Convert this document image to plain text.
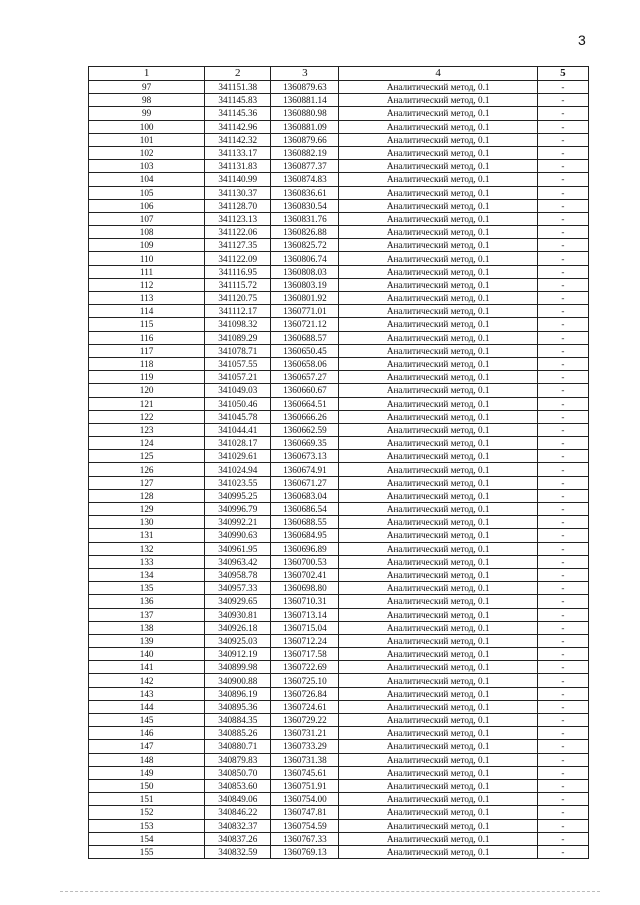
3
1	2	3	4	5
97	341151.38	1360879.63	Аналитический метод, 0.1	-
98	341145.83	1360881.14	Аналитический метод, 0.1	-
99	341145.36	1360880.98	Аналитический метод, 0.1	-
100	341142.96	1360881.09	Аналитический метод, 0.1	-
101	341142.32	1360879.66	Аналитический метод, 0.1	-
102	341133.17	1360882.19	Аналитический метод, 0.1	-
103	341131.83	1360877.37	Аналитический метод, 0.1	-
104	341140.99	1360874.83	Аналитический метод, 0.1	-
105	341130.37	1360836.61	Аналитический метод, 0.1	-
106	341128.70	1360830.54	Аналитический метод, 0.1	-
107	341123.13	1360831.76	Аналитический метод, 0.1	-
108	341122.06	1360826.88	Аналитический метод, 0.1	-
109	341127.35	1360825.72	Аналитический метод, 0.1	-
110	341122.09	1360806.74	Аналитический метод, 0.1	-
111	341116.95	1360808.03	Аналитический метод, 0.1	-
112	341115.72	1360803.19	Аналитический метод, 0.1	-
113	341120.75	1360801.92	Аналитический метод, 0.1	-
114	341112.17	1360771.01	Аналитический метод, 0.1	-
115	341098.32	1360721.12	Аналитический метод, 0.1	-
116	341089.29	1360688.57	Аналитический метод, 0.1	-
117	341078.71	1360650.45	Аналитический метод, 0.1	-
118	341057.55	1360658.06	Аналитический метод, 0.1	-
119	341057.21	1360657.27	Аналитический метод, 0.1	-
120	341049.03	1360660.67	Аналитический метод, 0.1	-
121	341050.46	1360664.51	Аналитический метод, 0.1	-
122	341045.78	1360666.26	Аналитический метод, 0.1	-
123	341044.41	1360662.59	Аналитический метод, 0.1	-
124	341028.17	1360669.35	Аналитический метод, 0.1	-
125	341029.61	1360673.13	Аналитический метод, 0.1	-
126	341024.94	1360674.91	Аналитический метод, 0.1	-
127	341023.55	1360671.27	Аналитический метод, 0.1	-
128	340995.25	1360683.04	Аналитический метод, 0.1	-
129	340996.79	1360686.54	Аналитический метод, 0.1	-
130	340992.21	1360688.55	Аналитический метод, 0.1	-
131	340990.63	1360684.95	Аналитический метод, 0.1	-
132	340961.95	1360696.89	Аналитический метод, 0.1	-
133	340963.42	1360700.53	Аналитический метод, 0.1	-
134	340958.78	1360702.41	Аналитический метод, 0.1	-
135	340957.33	1360698.80	Аналитический метод, 0.1	-
136	340929.65	1360710.31	Аналитический метод, 0.1	-
137	340930.81	1360713.14	Аналитический метод, 0.1	-
138	340926.18	1360715.04	Аналитический метод, 0.1	-
139	340925.03	1360712.24	Аналитический метод, 0.1	-
140	340912.19	1360717.58	Аналитический метод, 0.1	-
141	340899.98	1360722.69	Аналитический метод, 0.1	-
142	340900.88	1360725.10	Аналитический метод, 0.1	-
143	340896.19	1360726.84	Аналитический метод, 0.1	-
144	340895.36	1360724.61	Аналитический метод, 0.1	-
145	340884.35	1360729.22	Аналитический метод, 0.1	-
146	340885.26	1360731.21	Аналитический метод, 0.1	-
147	340880.71	1360733.29	Аналитический метод, 0.1	-
148	340879.83	1360731.38	Аналитический метод, 0.1	-
149	340850.70	1360745.61	Аналитический метод, 0.1	-
150	340853.60	1360751.91	Аналитический метод, 0.1	-
151	340849.06	1360754.00	Аналитический метод, 0.1	-
152	340846.22	1360747.81	Аналитический метод, 0.1	-
153	340832.37	1360754.59	Аналитический метод, 0.1	-
154	340837.26	1360767.33	Аналитический метод, 0.1	-
155	340832.59	1360769.13	Аналитический метод, 0.1	-
